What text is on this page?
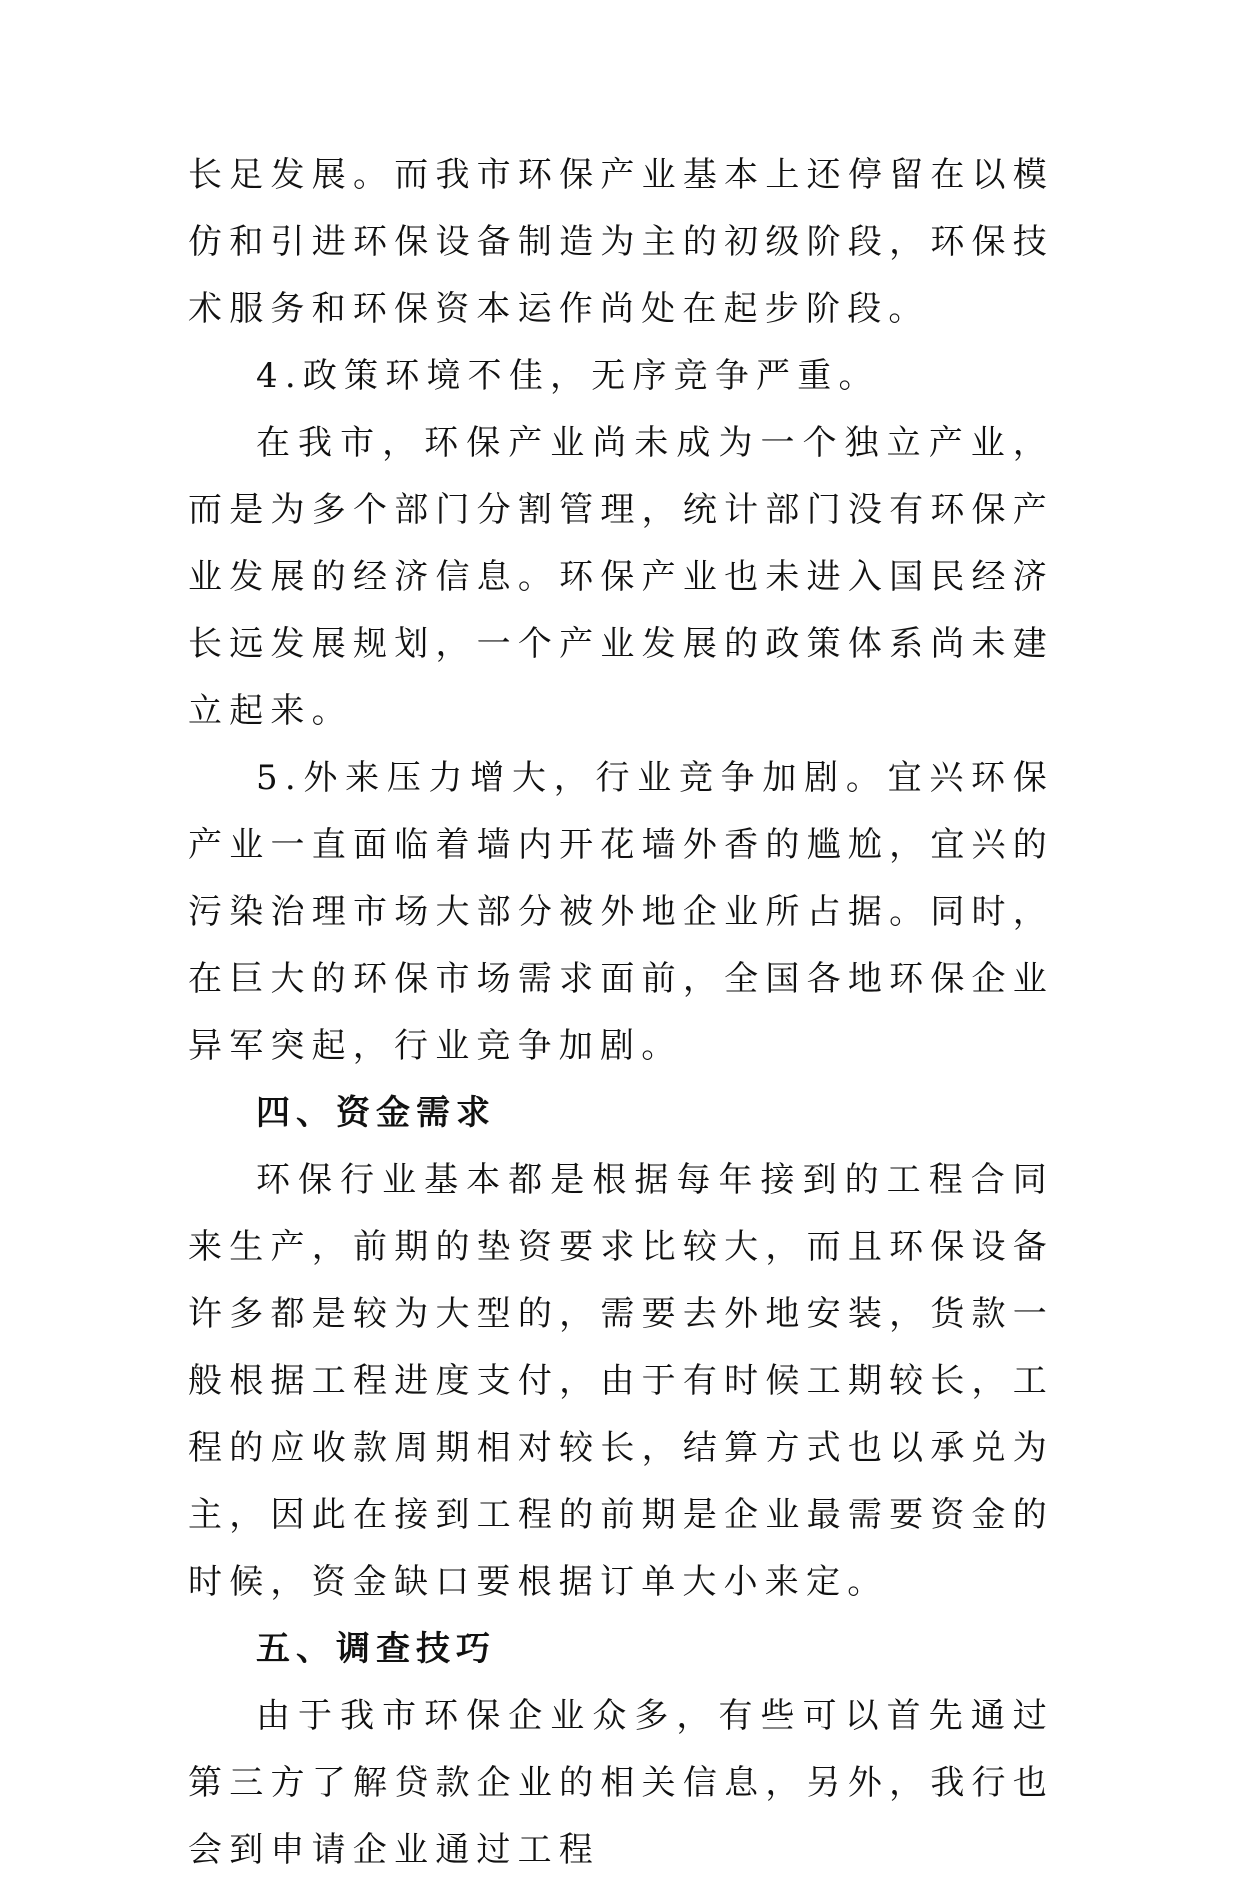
长足发展。而我市环保产业基本上还停留在以模仿和引进环保设备制造为主的初级阶段，环保技术服务和环保资本运作尚处在起步阶段。

4.政策环境不佳，无序竞争严重。

在我市，环保产业尚未成为一个独立产业，而是为多个部门分割管理，统计部门没有环保产业发展的经济信息。环保产业也未进入国民经济长远发展规划，一个产业发展的政策体系尚未建立起来。

5.外来压力增大，行业竞争加剧。宜兴环保产业一直面临着墙内开花墙外香的尴尬，宜兴的污染治理市场大部分被外地企业所占据。同时，在巨大的环保市场需求面前，全国各地环保企业异军突起，行业竞争加剧。

四、资金需求

环保行业基本都是根据每年接到的工程合同来生产，前期的垫资要求比较大，而且环保设备许多都是较为大型的，需要去外地安装，货款一般根据工程进度支付，由于有时候工期较长，工程的应收款周期相对较长，结算方式也以承兑为主，因此在接到工程的前期是企业最需要资金的时候，资金缺口要根据订单大小来定。

五、调查技巧

由于我市环保企业众多，有些可以首先通过第三方了解贷款企业的相关信息，另外，我行也会到申请企业通过工程
